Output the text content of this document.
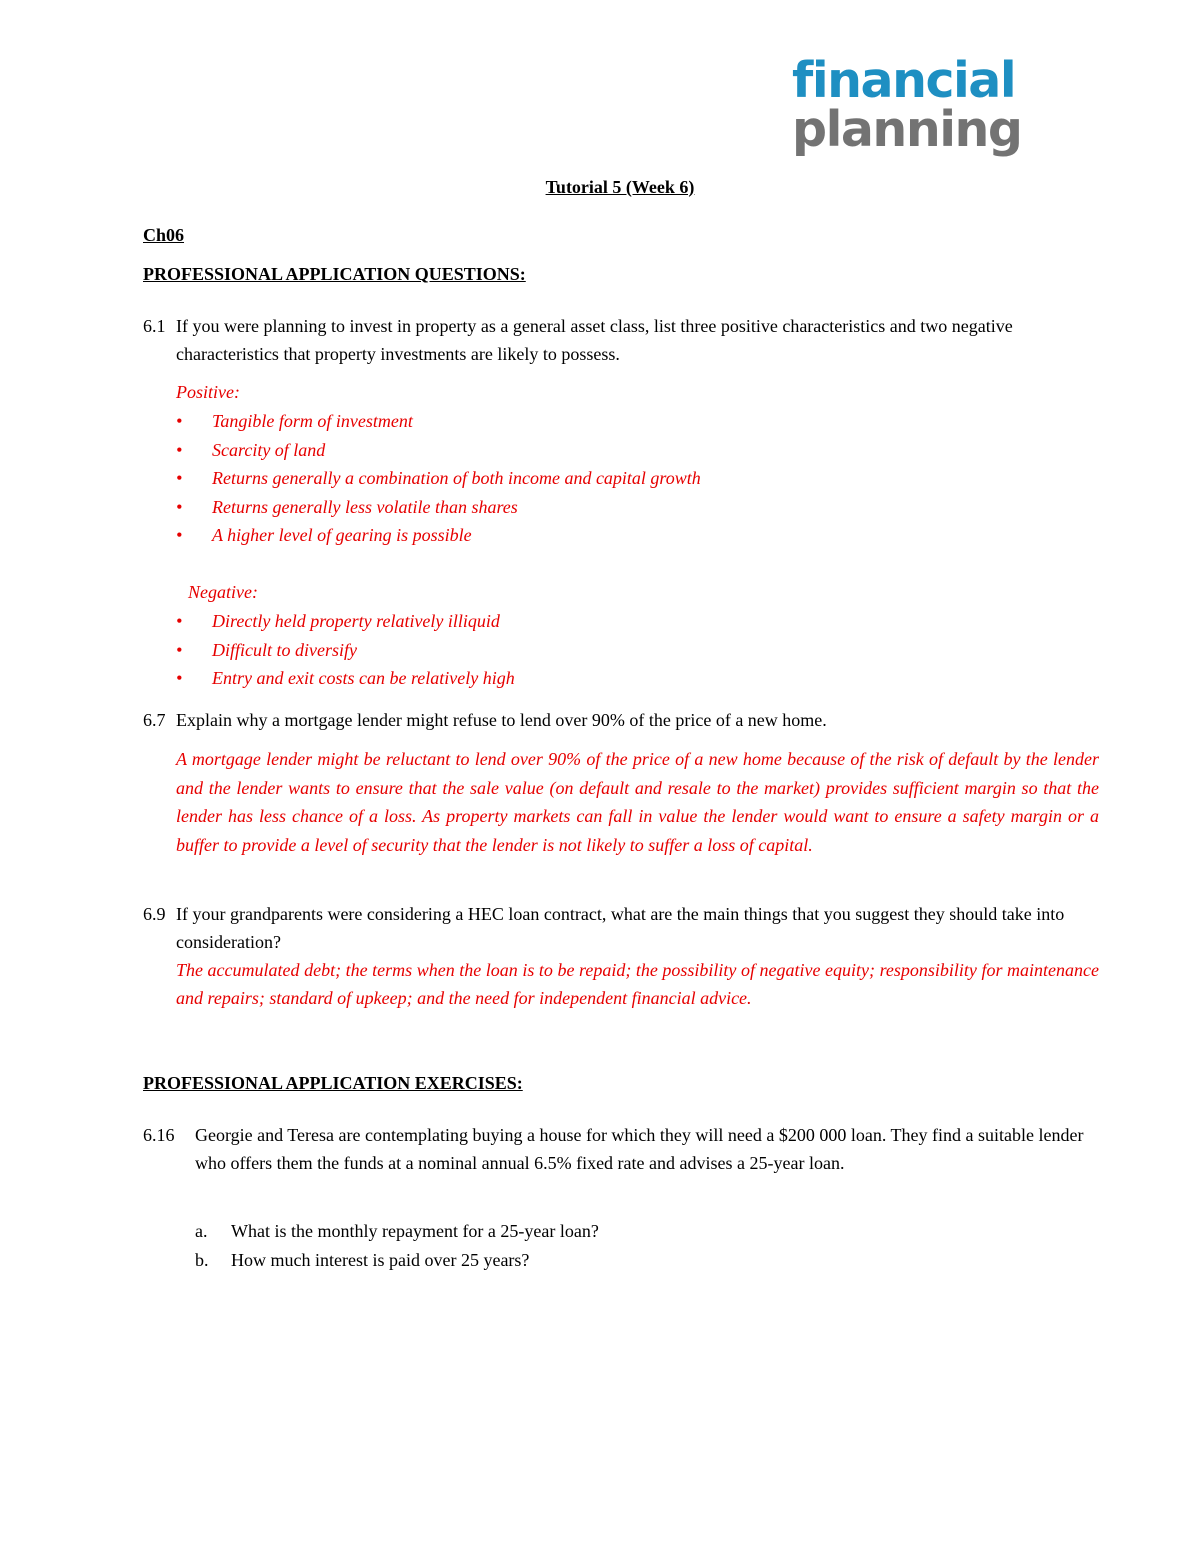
financial
planning
Tutorial 5 (Week 6)
Ch06
PROFESSIONAL APPLICATION QUESTIONS:
6.1 If you were planning to invest in property as a general asset class, list three positive characteristics and two negative characteristics that property investments are likely to possess.
Positive:
• Tangible form of investment
• Scarcity of land
• Returns generally a combination of both income and capital growth
• Returns generally less volatile than shares
• A higher level of gearing is possible
Negative:
• Directly held property relatively illiquid
• Difficult to diversify
• Entry and exit costs can be relatively high
6.7 Explain why a mortgage lender might refuse to lend over 90% of the price of a new home.
A mortgage lender might be reluctant to lend over 90% of the price of a new home because of the risk of default by the lender and the lender wants to ensure that the sale value (on default and resale to the market) provides sufficient margin so that the lender has less chance of a loss. As property markets can fall in value the lender would want to ensure a safety margin or a buffer to provide a level of security that the lender is not likely to suffer a loss of capital.
6.9 If your grandparents were considering a HEC loan contract, what are the main things that you suggest they should take into consideration?
The accumulated debt; the terms when the loan is to be repaid; the possibility of negative equity; responsibility for maintenance and repairs; standard of upkeep; and the need for independent financial advice.
PROFESSIONAL APPLICATION EXERCISES:
6.16 Georgie and Teresa are contemplating buying a house for which they will need a $200 000 loan. They find a suitable lender who offers them the funds at a nominal annual 6.5% fixed rate and advises a 25-year loan.
a. What is the monthly repayment for a 25-year loan?
b. How much interest is paid over 25 years?
